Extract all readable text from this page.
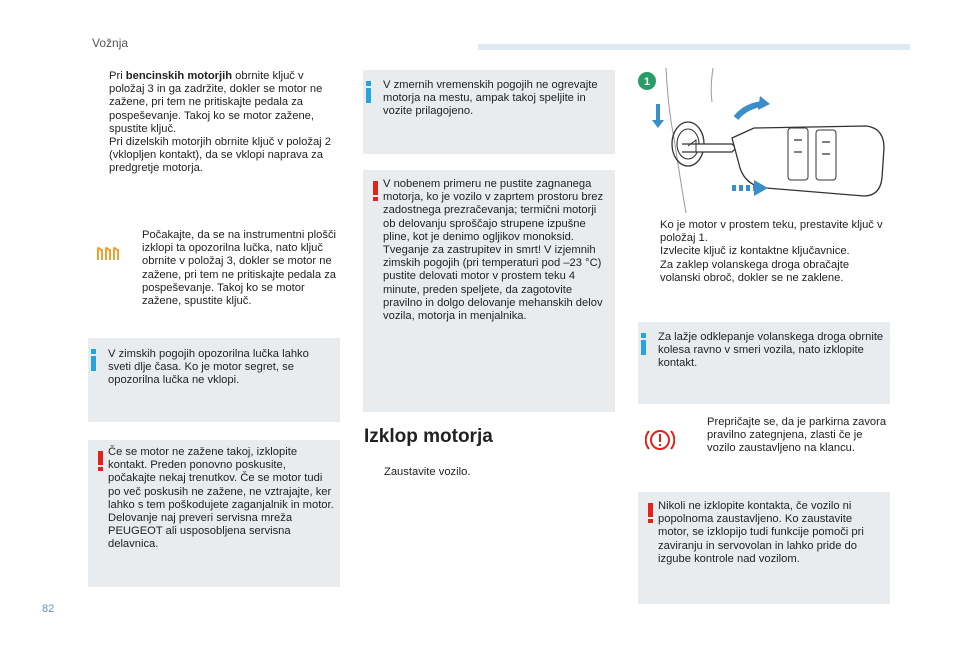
Vožnja

Pri bencinskih motorjih obrnite ključ v položaj 3 in ga zadržite, dokler se motor ne zažene, pri tem ne pritiskajte pedala za pospeševanje. Takoj ko se motor zažene, spustite ključ.

Pri dizelskih motorjih obrnite ključ v položaj 2 (vklopljen kontakt), da se vklopi naprava za predgretje motorja.

Počakajte, da se na instrumentni plošči izklopi ta opozorilna lučka, nato ključ obrnite v položaj 3, dokler se motor ne zažene, pri tem ne pritiskajte pedala za pospeševanje. Takoj ko se motor zažene, spustite ključ.
V zimskih pogojih opozorilna lučka lahko sveti dlje časa. Ko je motor segret, se opozorilna lučka ne vklopi.
Če se motor ne zažene takoj, izklopite kontakt. Preden ponovno poskusite, počakajte nekaj trenutkov. Če se motor tudi po več poskusih ne zažene, ne vztrajajte, ker lahko s tem poškodujete zaganjalnik in motor. Delovanje naj preveri servisna mreža PEUGEOT ali usposobljena servisna delavnica.
V zmernih vremenskih pogojih ne ogrevajte motorja na mestu, ampak takoj speljite in vozite prilagojeno.
V nobenem primeru ne pustite zagnanega motorja, ko je vozilo v zaprtem prostoru brez zadostnega prezračevanja; termični motorji ob delovanju sproščajo strupene izpušne pline, kot je denimo ogljikov monoksid. Tveganje za zastrupitev in smrt! V izjemnih zimskih pogojih (pri temperaturi pod –23 °C) pustite delovati motor v prostem teku 4 minute, preden speljete, da zagotovite pravilno in dolgo delovanje mehanskih delov vozila, motorja in menjalnika.
Izklop motorja

Zaustavite vozilo.

1

Ko je motor v prostem teku, prestavite ključ v položaj 1.

Izvlecite ključ iz kontaktne ključavnice.

Za zaklep volanskega droga obračajte volanski obroč, dokler se ne zaklene.

Za lažje odklepanje volanskega droga obrnite kolesa ravno v smeri vozila, nato izklopite kontakt.

Prepričajte se, da je parkirna zavora pravilno zategnjena, zlasti če je vozilo zaustavljeno na klancu.

Nikoli ne izklopite kontakta, če vozilo ni popolnoma zaustavljeno. Ko zaustavite motor, se izklopijo tudi funkcije pomoči pri zaviranju in servovolan in lahko pride do izgube kontrole nad vozilom.
82
